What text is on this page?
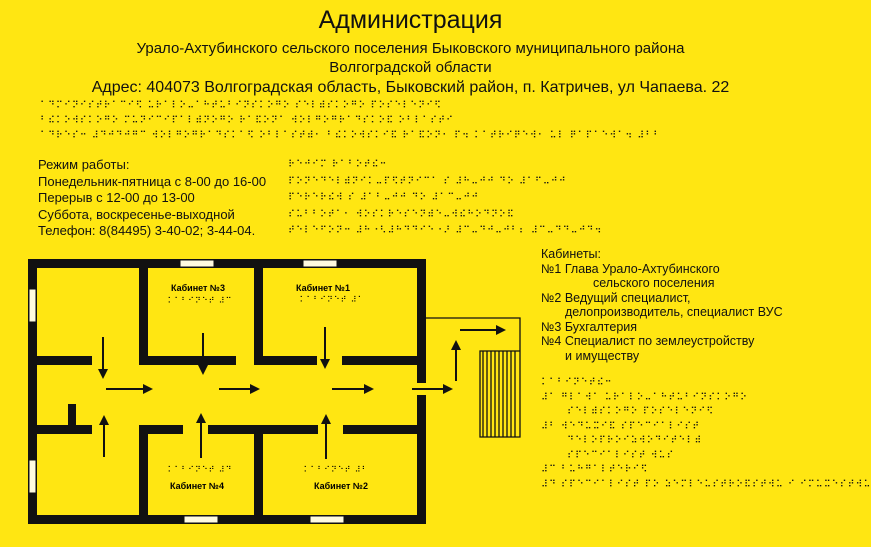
Администрация
Урало-Ахтубинского сельского поселения Быковского муниципального района
Волгоградской области
Адрес: 404073 Волгоградская область, Быковский район, п. Катричев, ул Чапаева. 22
⠁⠙⠍⠊⠝⠊⠎⠞⠗⠁⠉⠊⠫ ⠥⠗⠁⠇⠕⠤⠁⠓⠞⠥⠃⠊⠝⠎⠅⠕⠛⠕ ⠎⠑⠇⠾⠎⠅⠕⠛⠕ ⠏⠕⠎⠑⠇⠑⠝⠊⠫
⠃⠮⠅⠕⠺⠎⠅⠕⠛⠕ ⠍⠥⠝⠊⠉⠊⠏⠁⠇⠾⠝⠕⠛⠕ ⠗⠁⠯⠕⠝⠁ ⠺⠕⠇⠛⠕⠛⠗⠁⠙⠎⠅⠕⠯ ⠕⠃⠇⠁⠎⠞⠊
⠁⠙⠗⠑⠎⠒ ⠼⠙⠚⠙⠚⠛⠉ ⠺⠕⠇⠛⠕⠛⠗⠁⠙⠎⠅⠁⠫ ⠕⠃⠇⠁⠎⠞⠾⠂ ⠃⠮⠅⠕⠺⠎⠅⠊⠯ ⠗⠁⠯⠕⠝⠂ ⠏⠲ ⠅⠁⠞⠗⠊⠟⠑⠺⠂ ⠥⠇ ⠟⠁⠏⠁⠑⠺⠁⠲ ⠼⠃⠃
Режим работы:
Понедельник-пятница с 8-00 до 16-00
Перерыв с 12-00 до 13-00
Суббота, воскресенье-выходной
Телефон: 8(84495) 3-40-02; 3-44-04.
⠗⠑⠚⠊⠍ ⠗⠁⠃⠕⠞⠮⠒
⠏⠕⠝⠑⠙⠑⠇⠾⠝⠊⠅⠤⠏⠫⠞⠝⠊⠉⠁ ⠎ ⠼⠓⠤⠚⠚ ⠙⠕ ⠼⠁⠋⠤⠚⠚
⠏⠑⠗⠑⠗⠮⠺ ⠎ ⠼⠁⠃⠤⠚⠚ ⠙⠕ ⠼⠁⠉⠤⠚⠚
⠎⠥⠃⠃⠕⠞⠁⠂ ⠺⠕⠎⠅⠗⠑⠎⠑⠝⠾⠑⠤⠺⠮⠓⠕⠙⠝⠕⠯
⠞⠑⠇⠑⠋⠕⠝⠒ ⠼⠓⠐⠣⠼⠓⠙⠙⠊⠑⠐⠜ ⠼⠉⠤⠙⠚⠤⠚⠃⠆ ⠼⠉⠤⠙⠙⠤⠚⠙⠲
Кабинеты:
№1 Глава Урало-Ахтубинского
сельского поселения
№2 Ведущий специалист,
делопроизводитель, специалист ВУС
№3 Бухгалтерия
№4 Специалист по землеустройству
и имуществу
⠅⠁⠃⠊⠝⠑⠞⠮⠒
⠼⠁ ⠛⠇⠁⠺⠁ ⠥⠗⠁⠇⠕⠤⠁⠓⠞⠥⠃⠊⠝⠎⠅⠕⠛⠕
⠎⠑⠇⠾⠎⠅⠕⠛⠕ ⠏⠕⠎⠑⠇⠑⠝⠊⠫
⠼⠃ ⠺⠑⠙⠥⠭⠊⠯ ⠎⠏⠑⠉⠊⠁⠇⠊⠎⠞
⠙⠑⠇⠕⠏⠗⠕⠊⠵⠺⠕⠙⠊⠞⠑⠇⠾
⠎⠏⠑⠉⠊⠁⠇⠊⠎⠞ ⠺⠥⠎
⠼⠉ ⠃⠥⠓⠛⠁⠇⠞⠑⠗⠊⠫
⠼⠙ ⠎⠏⠑⠉⠊⠁⠇⠊⠎⠞ ⠏⠕ ⠵⠑⠍⠇⠑⠥⠎⠞⠗⠕⠯⠎⠞⠺⠥ ⠊ ⠊⠍⠥⠭⠑⠎⠞⠺⠥
Кабинет №3
⠅⠁⠃⠊⠝⠑⠞ ⠼⠉
Кабинет №1
⠅⠁⠃⠊⠝⠑⠞ ⠼⠁
⠅⠁⠃⠊⠝⠑⠞ ⠼⠙
Кабинет №4
⠅⠁⠃⠊⠝⠑⠞ ⠼⠃
Кабинет №2
